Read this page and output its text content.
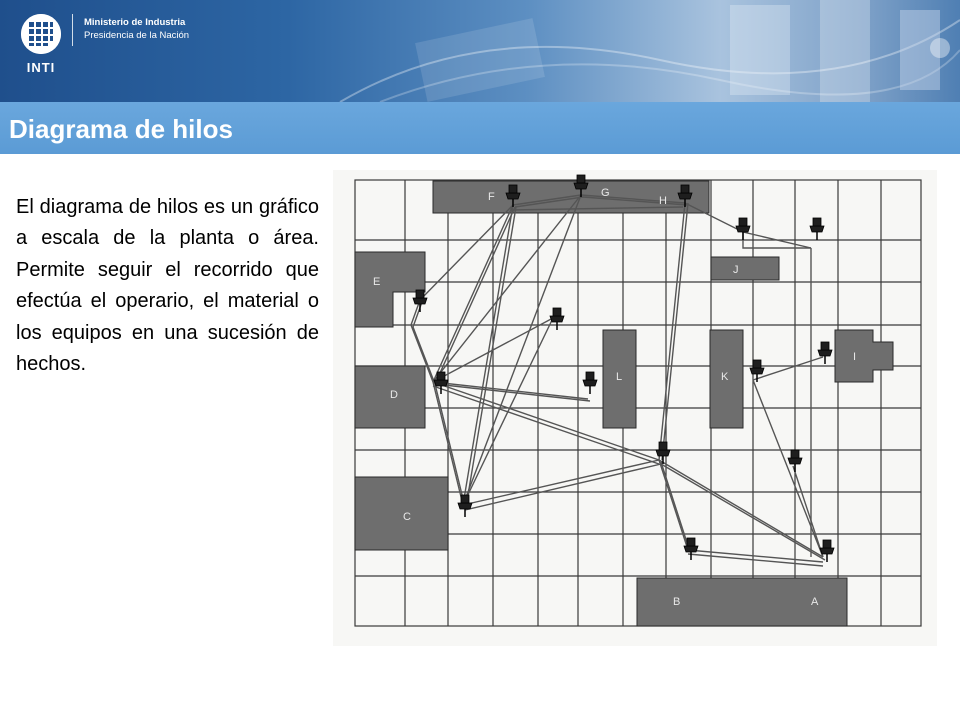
INTI
Ministerio de Industria
Presidencia de la Nación
Diagrama de hilos
El diagrama de hilos es un gráfico a escala de la planta o área. Permite seguir el recorrido que efectúa el operario, el material o los equipos en una sucesión de hechos.
F	G
H
E
J
I
L	K
D
C
B	A
